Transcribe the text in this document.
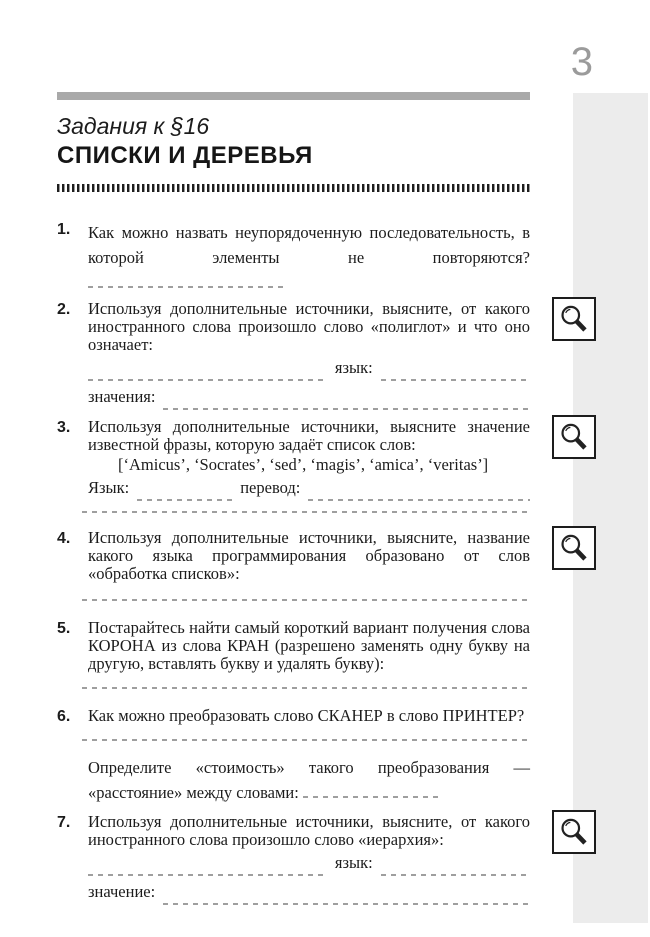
3
Задания к §16
СПИСКИ И ДЕРЕВЬЯ
1.	Как можно назвать неупорядоченную последовательность, в которой элементы не повторяются?

2.	Используя дополнительные источники, выясните, от какого иностранного слова произошло слово «полиглот» и что оно означает:

язык:
значения:
3.	Используя дополнительные источники, выясните значение известной фразы, которую задаёт список слов:

[‘Amicus’, ‘Socrates’, ‘sed’, ‘magis’, ‘amica’, ‘veritas’]

Язык:	перевод:
4.	Используя дополнительные источники, выясните, название какого языка программирования образовано от слов «обработка списков»:

5.	Постарайтесь найти самый короткий вариант получения слова КОРОНА из слова КРАН (разрешено заменять одну букву на другую, вставлять букву и удалять букву):

6.	Как можно преобразовать слово СКАНЕР в слово ПРИНТЕР?

Определите «стоимость» такого преобразования — «расстояние» между словами:

7.	Используя дополнительные источники, выясните, от какого иностранного слова произошло слово «иерархия»:

язык:
значение:
